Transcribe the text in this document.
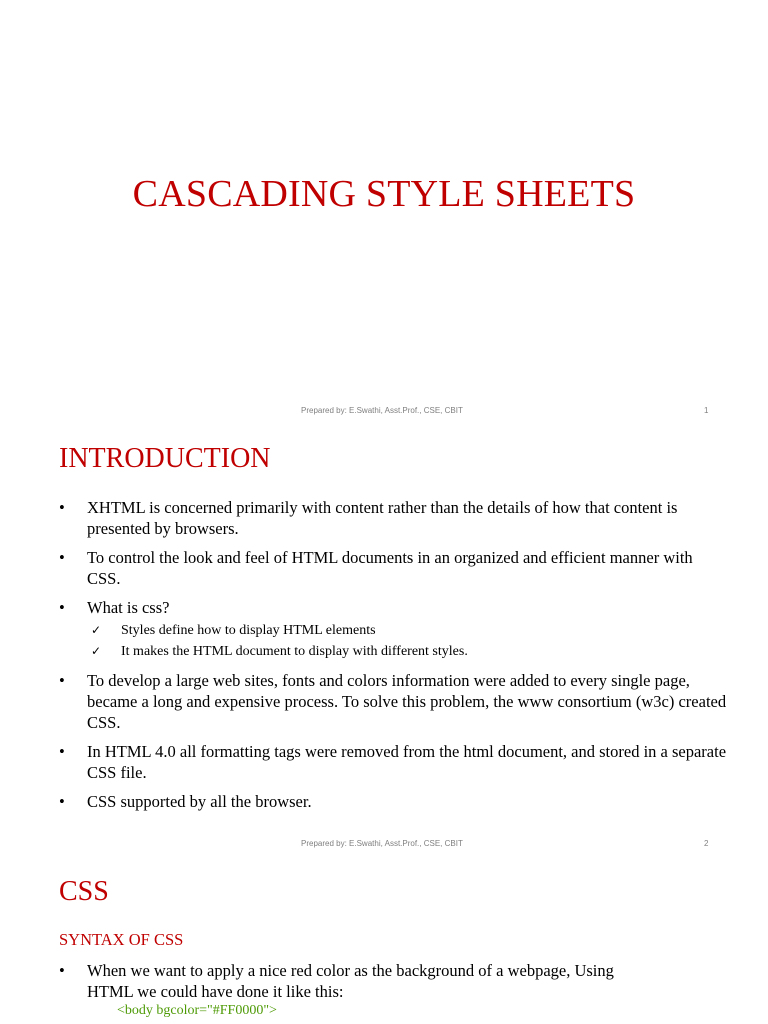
CASCADING STYLE SHEETS
Prepared by: E.Swathi, Asst.Prof., CSE, CBIT	1
INTRODUCTION
• XHTML is concerned primarily with content rather than the details of how that content is presented by browsers.
• To control the look and feel of HTML documents in an organized and efficient manner with CSS.
• What is css?
✓ Styles define how to display HTML elements
✓ It makes the HTML document to display with different styles.
• To develop a large web sites, fonts and colors information were added to every single page, became a long and expensive process. To solve this problem, the www consortium (w3c) created CSS.
• In HTML 4.0 all formatting tags were removed from the html document, and stored in a separate CSS file.
• CSS supported by all the browser.
Prepared by: E.Swathi, Asst.Prof., CSE, CBIT	2
CSS
SYNTAX OF CSS
• When we want to apply a nice red color as the background of a webpage, Using HTML we could have done it like this:
<body bgcolor="#FF0000">
